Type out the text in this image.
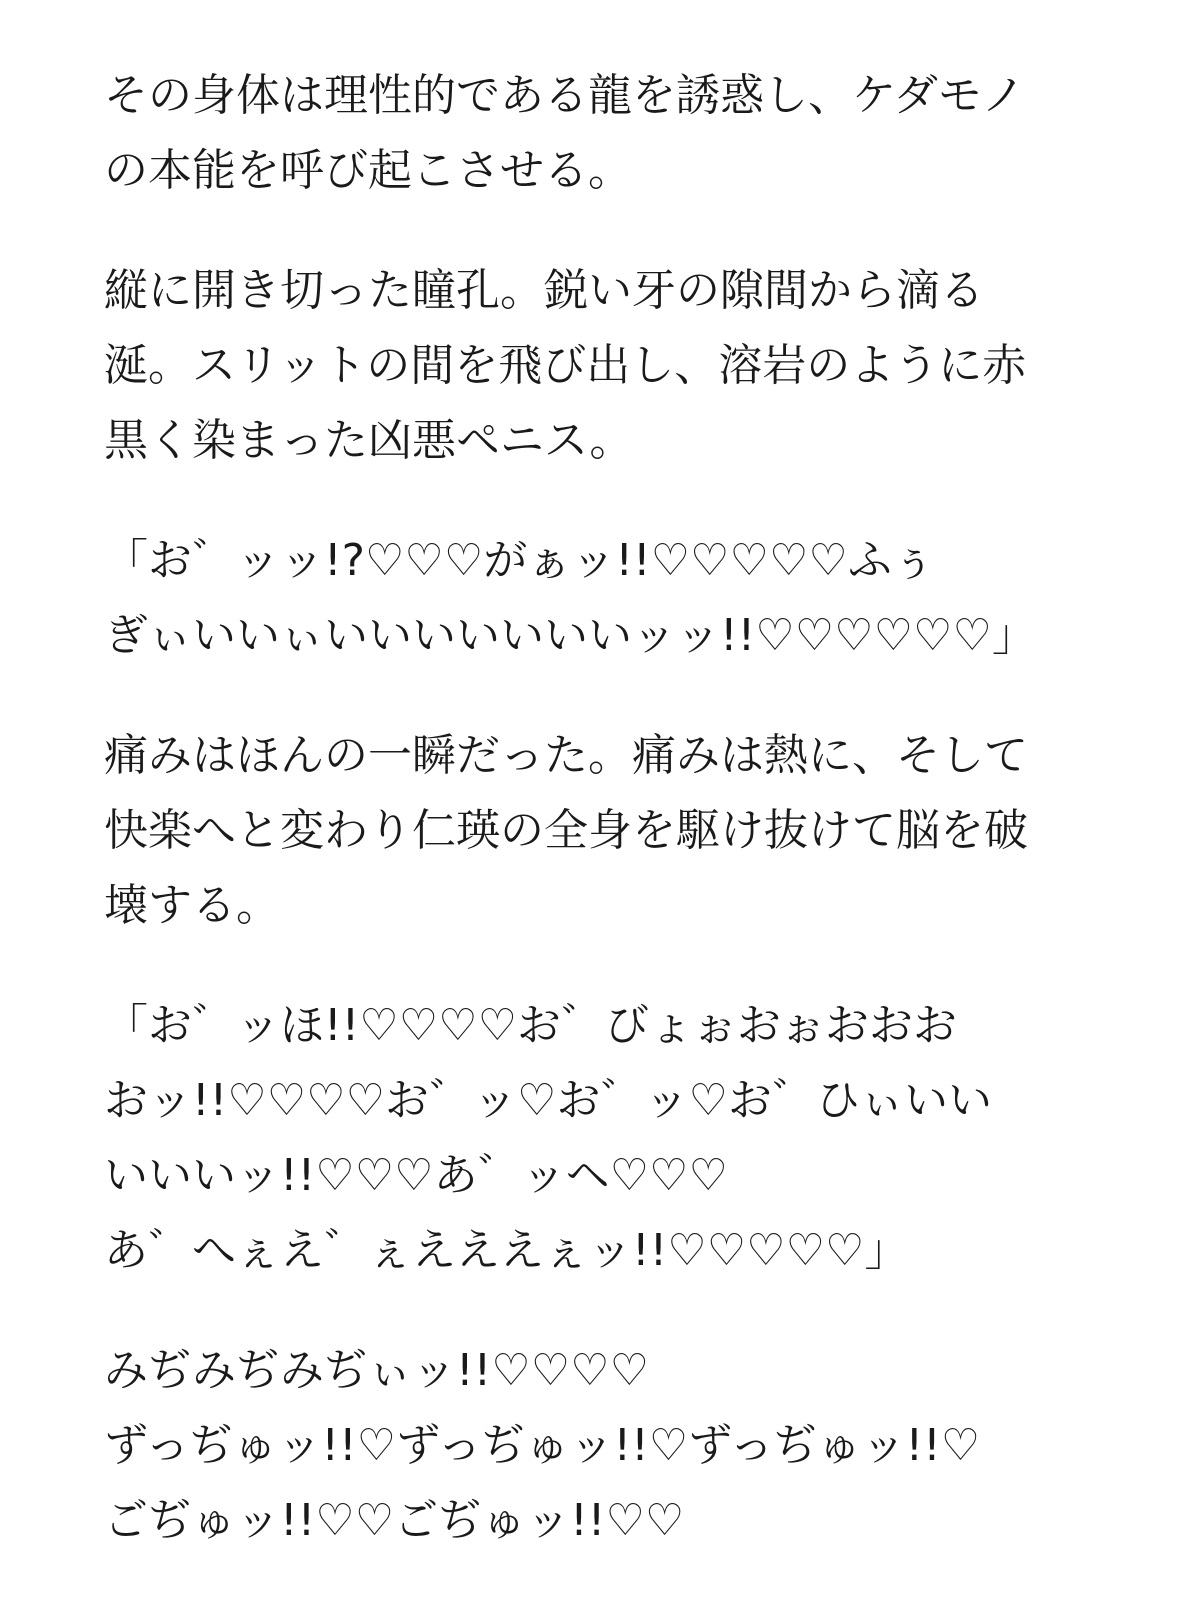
その身体は理性的である龍を誘惑し、ケダモノ
の本能を呼び起こさせる。
縦に開き切った瞳孔。鋭い牙の隙間から滴る
涎。スリットの間を飛び出し、溶岩のように赤
黒く染まった凶悪ペニス。
「お゛ッッ!?♡♡♡がぁッ!!♡♡♡♡♡ふぅ
ぎぃいいぃいいいいいいいッッ!!♡♡♡♡♡♡」
痛みはほんの一瞬だった。痛みは熱に、そして
快楽へと変わり仁瑛の全身を駆け抜けて脳を破
壊する。
「お゛ッほ!!♡♡♡♡お゛びょぉおぉおおお
おッ!!♡♡♡♡お゛ッ♡お゛ッ♡お゛ひぃいい
いいいッ!!♡♡♡あ゛ッヘ♡♡♡
あ゛へぇえ゛ぇえええぇッ!!♡♡♡♡♡」
みぢみぢみぢぃッ!!♡♡♡♡
ずっぢゅッ!!♡ずっぢゅッ!!♡ずっぢゅッ!!♡
ごぢゅッ!!♡♡ごぢゅッ!!♡♡
